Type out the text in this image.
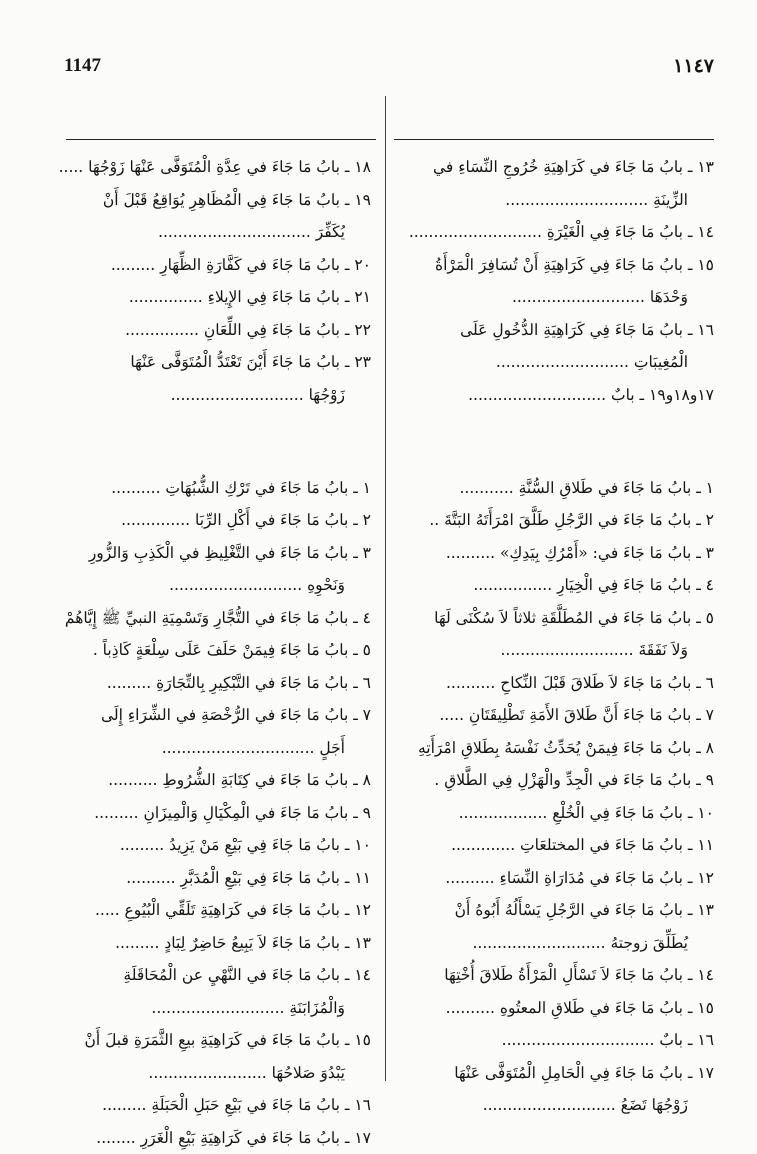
1147	١١٤٧
١٣ ـ بابُ مَا جَاءَ في كَرَاهِيَةِ خُرُوجِ النِّسَاءِ في
الزِّينَةِ .............................
١٤ ـ بابُ مَا جَاءَ فِي الْغَيْرَةِ ...........................
١٥ ـ بابُ مَا جَاءَ فِي كَرَاهِيَةِ أَنْ تُسَافِرَ الْمَرْأَةُ
وَحْدَهَا ...........................
١٦ ـ بابُ مَا جَاءَ فِي كَرَاهِيَةِ الدُّخُولِ عَلَى
الْمُغِيبَاتِ ...........................
١٧و١٨و١٩ ـ بابٌ ............................
١ ـ بابُ مَا جَاءَ في طَلاقِ السُّنَّةِ ...........
٢ ـ بابُ مَا جَاءَ في الرَّجُلِ طَلَّقَ امْرَأَتَهُ البَتَّةَ ..
٣ ـ بابُ مَا جَاءَ في: «أَمْرُكِ بِيَدِكِ» ..........
٤ ـ بابُ مَا جَاءَ فِي الْخِيَارِ ................
٥ ـ بابُ مَا جَاءَ في المُطَلَّقَةِ ثلاثاً لاَ سُكْنَى لَهَا
وَلاَ نَفَقَةَ ...........................
٦ ـ بابُ مَا جَاءَ لاَ طَلاقَ قَبْلَ النِّكاحِ ..........
٧ ـ بابُ مَا جَاءَ أَنَّ طَلاقَ الأَمَةِ تَطْلِيقَتَانِ .....
٨ ـ بابُ مَا جَاءَ فِيمَنْ يُحَدِّثُ نَفْسَهُ بِطَلاقِ امْرَأَتِهِ
٩ ـ بابُ مَا جَاءَ في الْجِدِّ والْهَزْلِ فِي الطَّلاقِ .
١٠ ـ بابُ مَا جَاءَ فِي الْخُلْعِ ..................
١١ ـ بابُ مَا جَاءَ في المختلعَاتِ .............
١٢ ـ بابُ مَا جَاءَ في مُدَارَاةِ النِّسَاءِ ..........
١٣ ـ بابُ مَا جَاءَ في الرَّجُلِ يَسْأَلُهُ أَبُوهُ أَنْ
يُطَلِّقَ زوجتهُ ...........................
١٤ ـ بابُ مَا جَاءَ لاَ تَسْأَلِ الْمَرْأَةُ طَلاقَ أُخْتِهَا
١٥ ـ بابُ مَا جَاءَ في طَلاقِ المعتُوهِ ..........
١٦ ـ بابٌ ...............................
١٧ ـ بابُ مَا جَاءَ فِي الْحَامِلِ الْمُتَوَفَّى عَنْهَا
زَوْجُهَا تَضَعُ ...........................
١٨ ـ بابُ مَا جَاءَ في عِدَّةِ الْمُتَوَفَّى عَنْهَا زَوْجُهَا .....
١٩ ـ بابُ مَا جَاءَ فِي الْمُظَاهِرِ يُوَاقِعُ قَبْلَ أَنْ
يُكَفِّرَ ...............................
٢٠ ـ بابُ مَا جَاءَ في كَفَّارَةِ الظِّهَارِ .........
٢١ ـ بابُ مَا جَاءَ فِي الإِيلاءِ ...............
٢٢ ـ بابُ مَا جَاءَ فِي اللِّعَانِ ...............
٢٣ ـ بابُ مَا جَاءَ أَيْنَ تَعْتَدُّ الْمُتَوَفَّى عَنْهَا
زَوْجُهَا ...........................
١ ـ بابُ مَا جَاءَ في تَرْكِ الشُّبُهَاتِ ..........
٢ ـ بابُ مَا جَاءَ في أَكْلِ الرِّبَا ..............
٣ ـ بابُ مَا جَاءَ في التَّغْلِيظِ في الْكَذِبِ وَالزُّورِ
وَنَحْوِهِ ...........................
٤ ـ بابُ مَا جَاءَ في التُّجَّارِ وَتَسْمِيَةِ النبيِّ ﷺ إِيَّاهُمْ
٥ ـ بابُ مَا جَاءَ فِيمَنْ حَلَفَ عَلَى سِلْعَةٍ كَاذِباً .
٦ ـ بابُ مَا جَاءَ في التَّبْكِيرِ بِالتِّجَارَةِ .........
٧ ـ بابُ مَا جَاءَ في الرُّخْصَةِ في الشِّرَاءِ إِلَى
أَجَلٍ ...............................
٨ ـ بابُ مَا جَاءَ في كِتَابَةِ الشُّرُوطِ ..........
٩ ـ بابُ مَا جَاءَ في الْمِكْيَالِ وَالْمِيزَانِ .........
١٠ ـ بابُ مَا جَاءَ فِي بَيْعِ مَنْ يَزِيدُ .........
١١ ـ بابُ مَا جَاءَ فِي بَيْعِ الْمُدَبَّرِ ..........
١٢ ـ بابُ مَا جَاءَ في كَرَاهِيَةِ تَلَقِّي الْبُيُوعِ .....
١٣ ـ بابُ مَا جَاءَ لاَ يَبِيعُ حَاضِرٌ لِبَادٍ .........
١٤ ـ بابُ مَا جَاءَ في النَّهْيِ عن الْمُحَاقَلَةِ
وَالْمُزَابَنَةِ ...........................
١٥ ـ بابُ مَا جَاءَ في كَرَاهِيَةِ بيعِ الثَّمَرَةِ قبلَ أَنْ
يَبْدُوَ صَلاحُهَا ........................
١٦ ـ بابُ مَا جَاءَ في بَيْعِ حَبَلِ الْحَبَلَةِ .........
١٧ ـ بابُ مَا جَاءَ في كَرَاهِيَةِ بَيْعِ الْغَرَرِ ........
